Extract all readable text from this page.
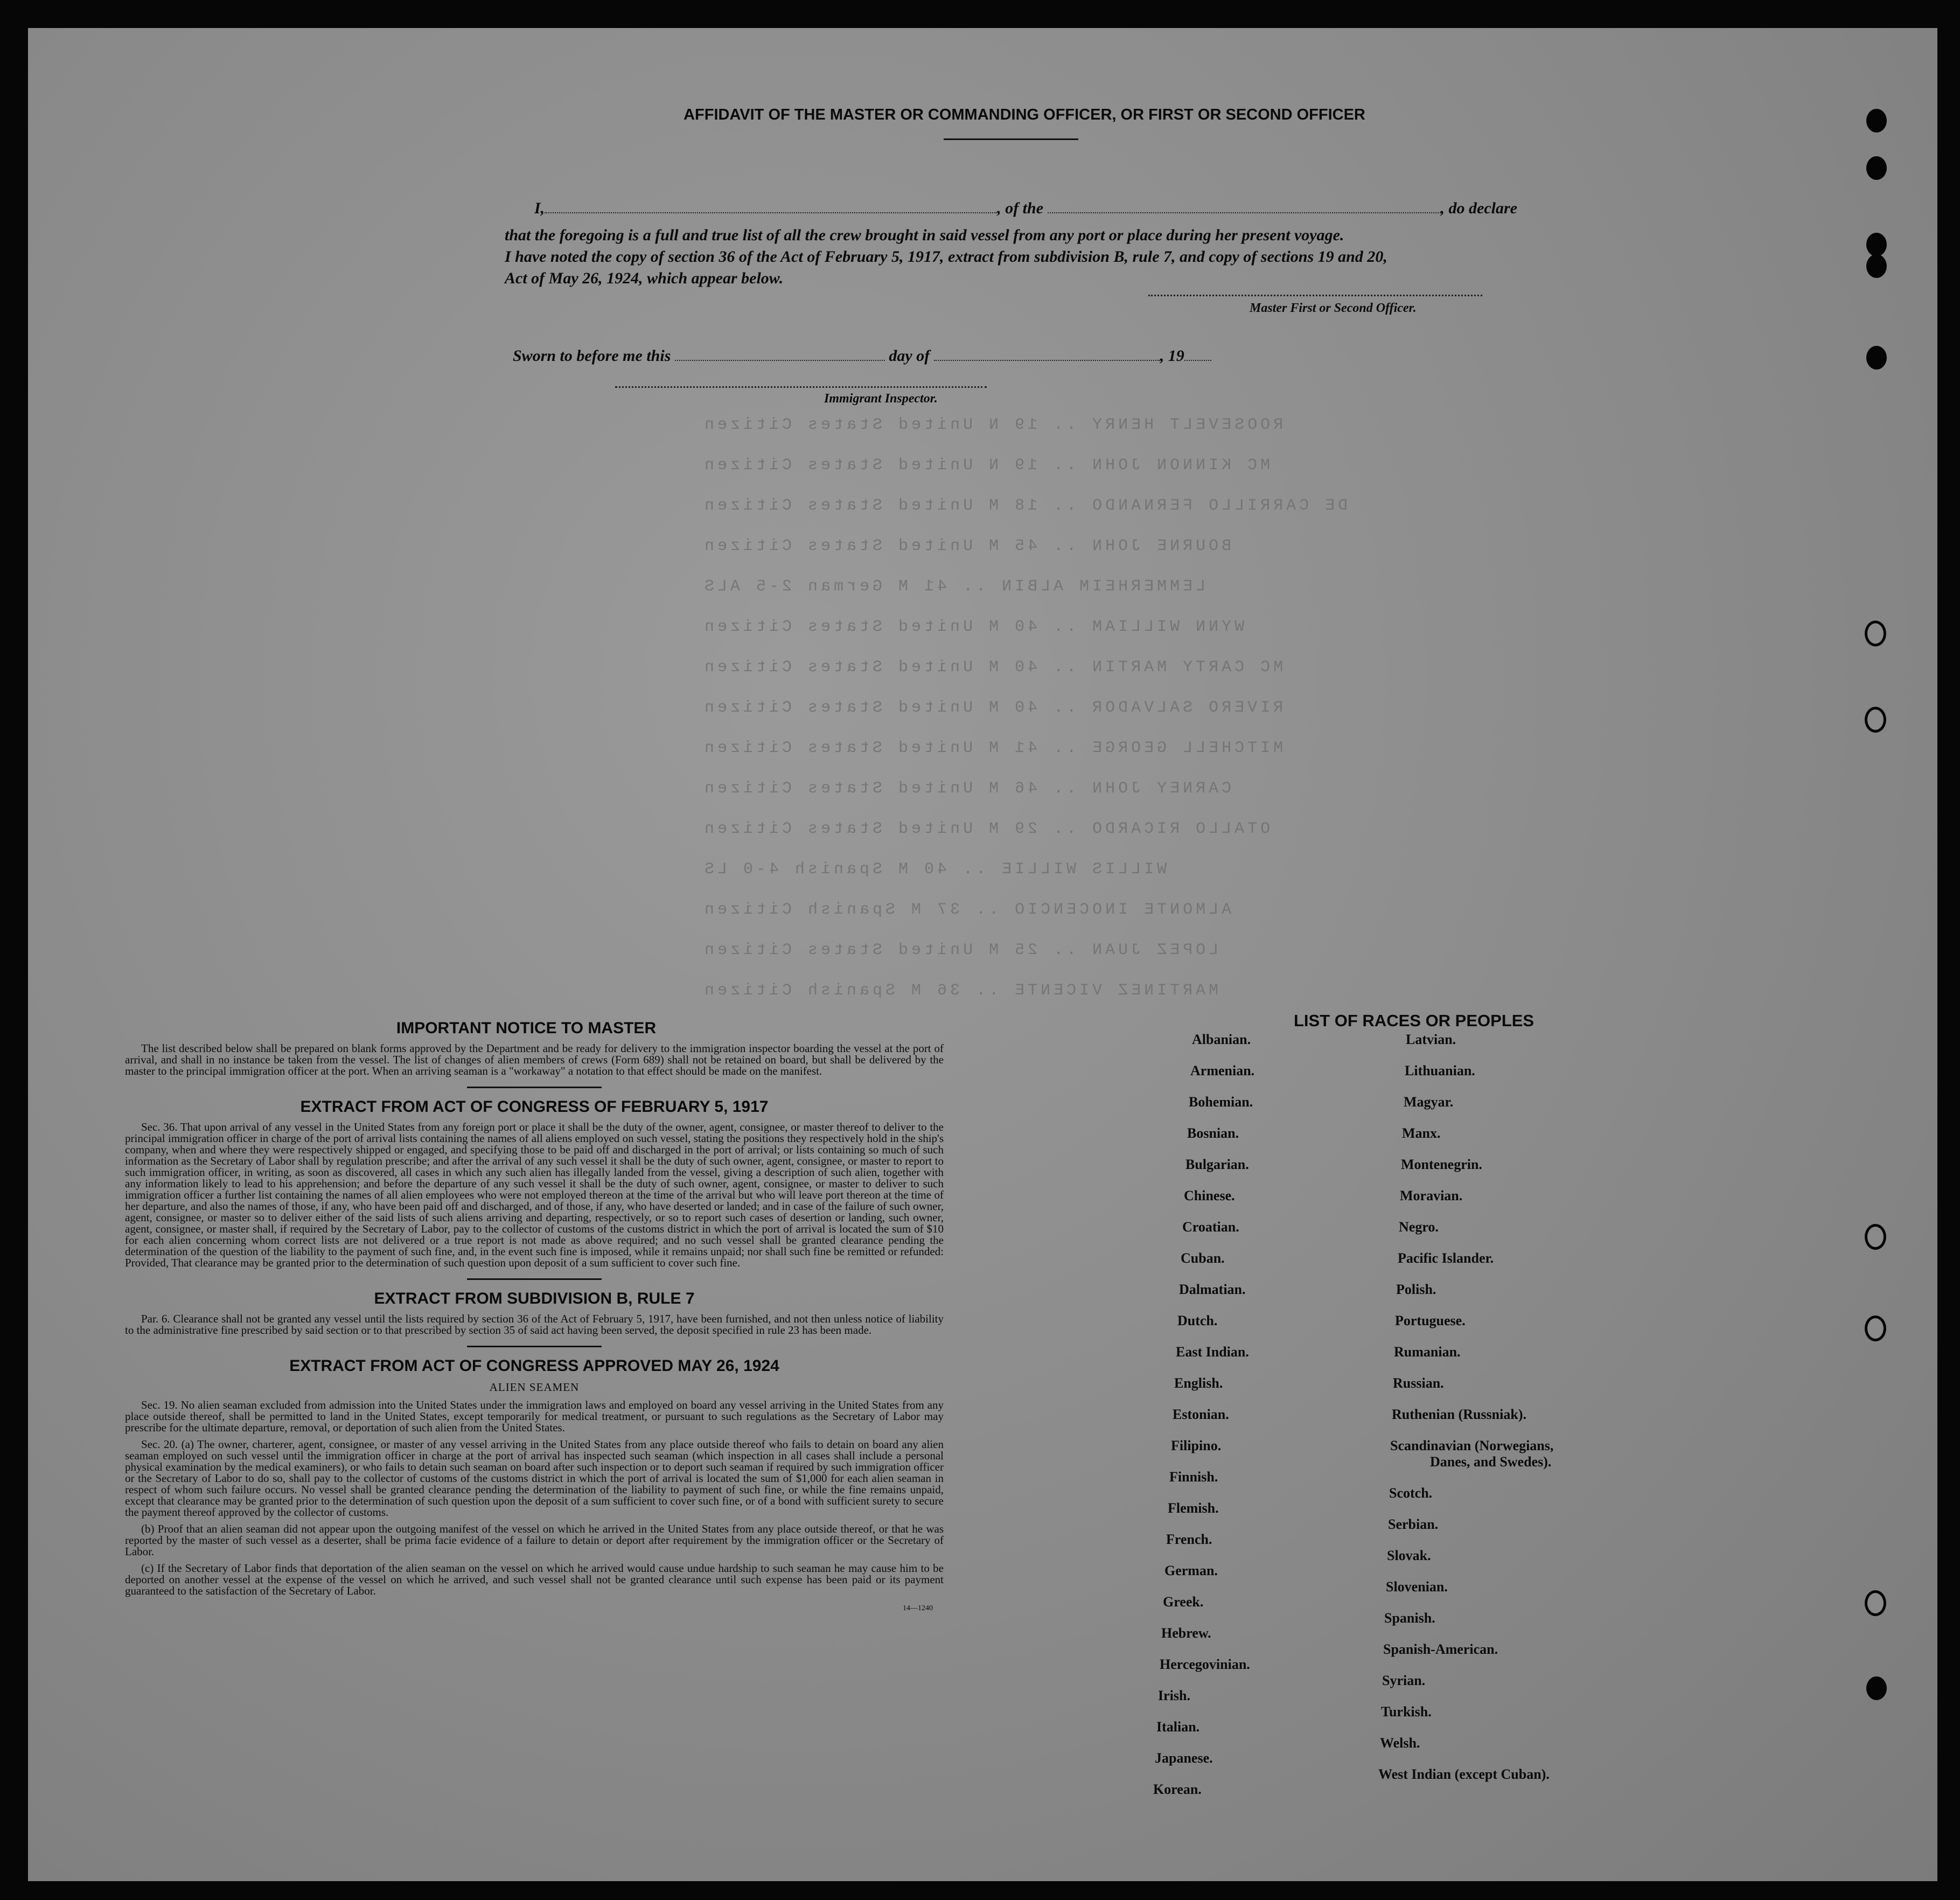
ROOSEVELT HENRY .. 19 N United States Citizen
MC KINNON JOHN .. 19 N United States Citizen
DE CARRILLO FERNANDO .. 18 M United States Citizen
BOURNE JOHN .. 45 M United States Citizen
LEMMERHEIM ALBIN .. 41 M German 2-5 ALS
WYNN WILLIAM .. 40 M United States Citizen
MC CARTY MARTIN .. 40 M United States Citizen
RIVERO SALVADOR .. 40 M United States Citizen
MITCHELL GEORGE .. 41 M United States Citizen
CARNEY JOHN .. 46 M United States Citizen
OTALLO RICARDO .. 29 M United States Citizen
WILLIS WILLIE .. 40 M Spanish 4-0 LS
ALMONTE INOCENCIO .. 37 M Spanish Citizen
LOPEZ JUAN .. 25 M United States Citizen
MARTINEZ VICENTE .. 36 M Spanish Citizen
AFFIDAVIT OF THE MASTER OR COMMANDING OFFICER, OR FIRST OR SECOND OFFICER
I,	, of the	, do declare
that the foregoing is a full and true list of all the crew brought in said vessel from any port or place during her present voyage.
I have noted the copy of section 36 of the Act of February 5, 1917, extract from subdivision B, rule 7, and copy of sections 19 and 20,
Act of May 26, 1924, which appear below.
Master First or Second Officer.
Sworn to before me this	day of	, 19
Immigrant Inspector.
IMPORTANT NOTICE TO MASTER

The list described below shall be prepared on blank forms approved by the Department and be ready for delivery to the immigration inspector boarding the vessel at the port of arrival, and shall in no instance be taken from the vessel. The list of changes of alien members of crews (Form 689) shall not be retained on board, but shall be delivered by the master to the principal immigration officer at the port. When an arriving seaman is a "workaway" a notation to that effect should be made on the manifest.

EXTRACT FROM ACT OF CONGRESS OF FEBRUARY 5, 1917

Sec. 36. That upon arrival of any vessel in the United States from any foreign port or place it shall be the duty of the owner, agent, consignee, or master thereof to deliver to the principal immigration officer in charge of the port of arrival lists containing the names of all aliens employed on such vessel, stating the positions they respectively hold in the ship's company, when and where they were respectively shipped or engaged, and specifying those to be paid off and discharged in the port of arrival; or lists containing so much of such information as the Secretary of Labor shall by regulation prescribe; and after the arrival of any such vessel it shall be the duty of such owner, agent, consignee, or master to report to such immigration officer, in writing, as soon as discovered, all cases in which any such alien has illegally landed from the vessel, giving a description of such alien, together with any information likely to lead to his apprehension; and before the departure of any such vessel it shall be the duty of such owner, agent, consignee, or master to deliver to such immigration officer a further list containing the names of all alien employees who were not employed thereon at the time of the arrival but who will leave port thereon at the time of her departure, and also the names of those, if any, who have been paid off and discharged, and of those, if any, who have deserted or landed; and in case of the failure of such owner, agent, consignee, or master so to deliver either of the said lists of such aliens arriving and departing, respectively, or so to report such cases of desertion or landing, such owner, agent, consignee, or master shall, if required by the Secretary of Labor, pay to the collector of customs of the customs district in which the port of arrival is located the sum of $10 for each alien concerning whom correct lists are not delivered or a true report is not made as above required; and no such vessel shall be granted clearance pending the determination of the question of the liability to the payment of such fine, and, in the event such fine is imposed, while it remains unpaid; nor shall such fine be remitted or refunded: Provided, That clearance may be granted prior to the determination of such question upon deposit of a sum sufficient to cover such fine.

EXTRACT FROM SUBDIVISION B, RULE 7

Par. 6. Clearance shall not be granted any vessel until the lists required by section 36 of the Act of February 5, 1917, have been furnished, and not then unless notice of liability to the administrative fine prescribed by said section or to that prescribed by section 35 of said act having been served, the deposit specified in rule 23 has been made.

EXTRACT FROM ACT OF CONGRESS APPROVED MAY 26, 1924
ALIEN SEAMEN

Sec. 19. No alien seaman excluded from admission into the United States under the immigration laws and employed on board any vessel arriving in the United States from any place outside thereof, shall be permitted to land in the United States, except temporarily for medical treatment, or pursuant to such regulations as the Secretary of Labor may prescribe for the ultimate departure, removal, or deportation of such alien from the United States.

Sec. 20. (a) The owner, charterer, agent, consignee, or master of any vessel arriving in the United States from any place outside thereof who fails to detain on board any alien seaman employed on such vessel until the immigration officer in charge at the port of arrival has inspected such seaman (which inspection in all cases shall include a personal physical examination by the medical examiners), or who fails to detain such seaman on board after such inspection or to deport such seaman if required by such immigration officer or the Secretary of Labor to do so, shall pay to the collector of customs of the customs district in which the port of arrival is located the sum of $1,000 for each alien seaman in respect of whom such failure occurs. No vessel shall be granted clearance pending the determination of the liability to payment of such fine, or while the fine remains unpaid, except that clearance may be granted prior to the determination of such question upon the deposit of a sum sufficient to cover such fine, or of a bond with sufficient surety to secure the payment thereof approved by the collector of customs.

(b) Proof that an alien seaman did not appear upon the outgoing manifest of the vessel on which he arrived in the United States from any place outside thereof, or that he was reported by the master of such vessel as a deserter, shall be prima facie evidence of a failure to detain or deport after requirement by the immigration officer or the Secretary of Labor.

(c) If the Secretary of Labor finds that deportation of the alien seaman on the vessel on which he arrived would cause undue hardship to such seaman he may cause him to be deported on another vessel at the expense of the vessel on which he arrived, and such vessel shall not be granted clearance until such expense has been paid or its payment guaranteed to the satisfaction of the Secretary of Labor.

14—1240
LIST OF RACES OR PEOPLES
Albanian.
Armenian.
Bohemian.
Bosnian.
Bulgarian.
Chinese.
Croatian.
Cuban.
Dalmatian.
Dutch.
East Indian.
English.
Estonian.
Filipino.
Finnish.
Flemish.
French.
German.
Greek.
Hebrew.
Hercegovinian.
Irish.
Italian.
Japanese.
Korean.
Latvian.
Lithuanian.
Magyar.
Manx.
Montenegrin.
Moravian.
Negro.
Pacific Islander.
Polish.
Portuguese.
Rumanian.
Russian.
Ruthenian (Russniak).
Scandinavian (Norwegians,
Danes, and Swedes).
Scotch.
Serbian.
Slovak.
Slovenian.
Spanish.
Spanish-American.
Syrian.
Turkish.
Welsh.
West Indian (except Cuban).
